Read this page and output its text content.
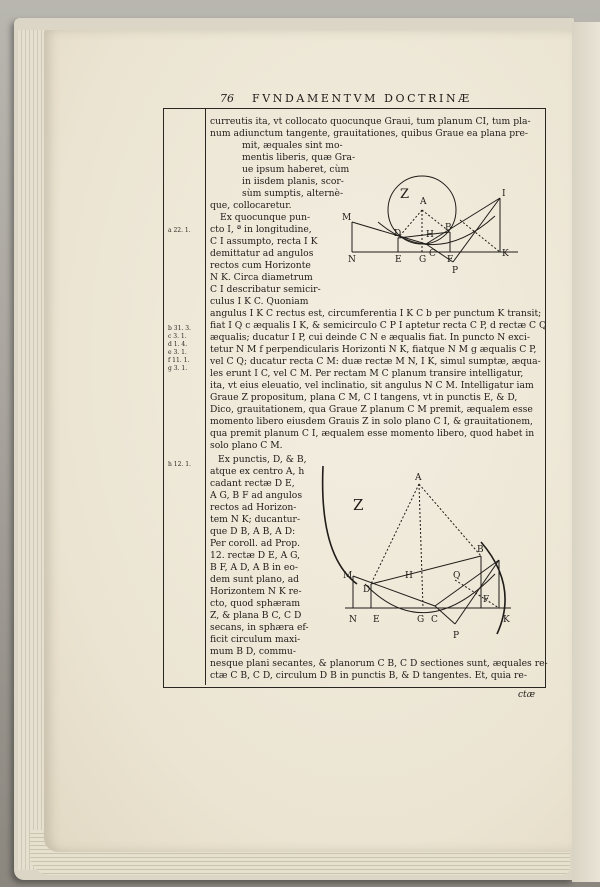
76 FVNDAMENTVM DOCTRINÆ
a 22. 1.
b 31. 3.
c 3. 1.
d 1. 4.
e 3. 1.
f 11. 1.
g 3. 1.
h 12. 1.
curreutis ita, vt collocato quocunque Graui, tum planum CI, tum pla-
num adiunctum tangente, grauitationes, quibus Graue ea plana pre-
mit, æquales sint mo-
mentis liberis, quæ Gra-
ue ipsum haberet, cùm
in iisdem planis, scor-
sùm sumptis, alternè-
que, collocaretur.
Ex quocunque pun-
cto I, ª in longitudine,
C I assumpto, recta I K
demittatur ad angulos
rectos cum Horizonte
N K. Circa diametrum
C I describatur semicir-
culus I K C. Quoniam
angulus I K C rectus est, circumferentia I K C b per punctum K transit;
fiat I Q c æqualis I K, & semicirculo C P I aptetur recta C P, d rectæ C Q
æqualis; ducatur I P, cui deinde C N e æqualis fiat. In puncto N exci-
tetur N M f perpendicularis Horizonti N K, fiatque N M g æqualis C P,
vel C Q; ducatur recta C M: duæ rectæ M N, I K, simul sumptæ, æqua-
les erunt I C, vel C M. Per rectam M C planum transire intelligatur,
ita, vt eius eleuatio, vel inclinatio, sit angulus N C M. Intelligatur iam
Graue Z propositum, plana C M, C I tangens, vt in punctis E, & D,
Dico, grauitationem, qua Graue Z planum C M premit, æqualem esse
momento libero eiusdem Grauis Z in solo plano C I, & grauitationem,
qua premit planum C I, æqualem esse momento libero, quod habet in
solo plano C M.
Ex punctis, D, & B,
atque ex centro A, h
cadant rectæ D E,
A G, B F ad angulos
rectos ad Horizon-
tem N K; ducantur-
que D B, A B, A D:
Per coroll. ad Prop.
12. rectæ D E, A G,
B F, A D, A B in eo-
dem sunt plano, ad
Horizontem N K re-
cto, quod sphæram
Z, & plana B C, C D
secans, in sphæra ef-
ficit circulum maxi-
mum B D, commu-
nesque plani secantes, & planorum C B, C D sectiones sunt, æquales re-
ctæ C B, C D, circulum D B in punctis B, & D tangentes. Et, quia re-
ctæ
Z A
M
I
D	H
B
N	E G
C
F
K
P
Z
A
B
M
D
H	Q
F
N E	G C	K
P
